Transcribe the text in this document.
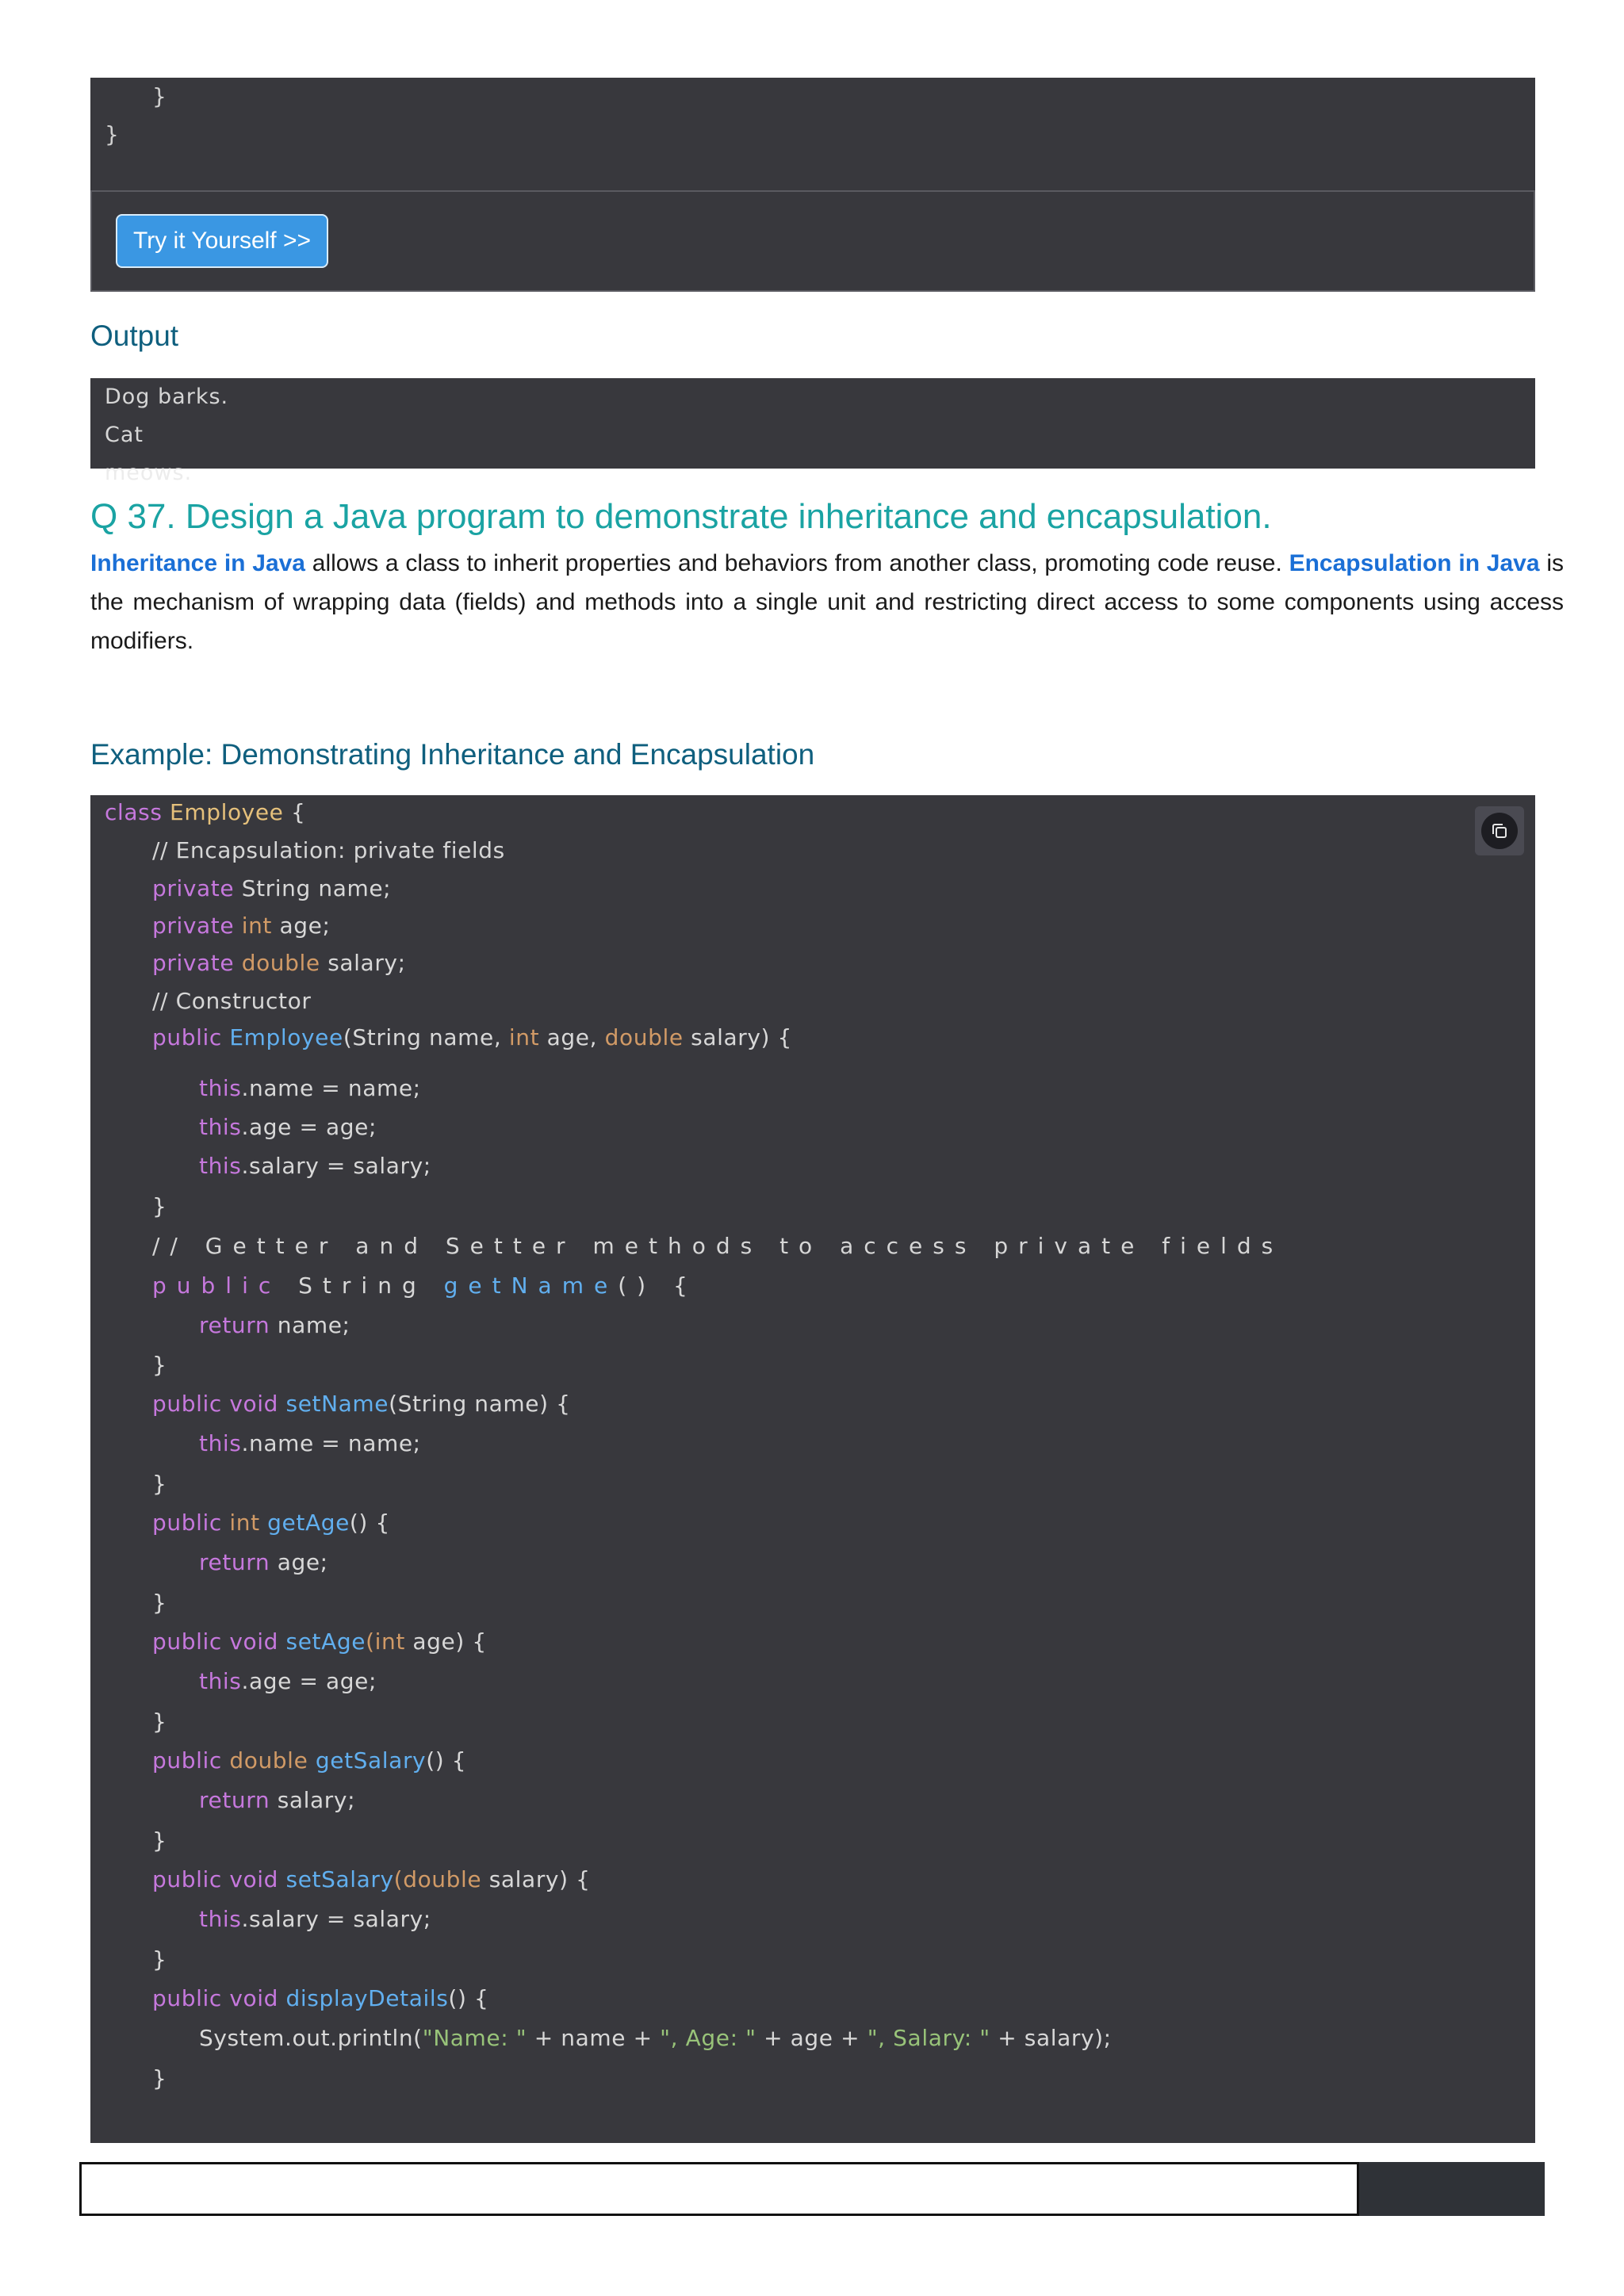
}
}
Try it Yourself >>
Output
Dog barks.
Cat
meows.
Q 37. Design a Java program to demonstrate inheritance and encapsulation.

Inheritance in Java allows a class to inherit properties and behaviors from another class, promoting code reuse. Encapsulation in Java is the mechanism of wrapping data (fields) and methods into a single unit and restricting direct access to some components using access modifiers.

Example: Demonstrating Inheritance and Encapsulation
class Employee {
// Encapsulation: private fields
private String name;
private int age;
private double salary;
// Constructor
public Employee(String name, int age, double salary) {
this.name = name;
this.age = age;
this.salary = salary;
}
// Getter and Setter methods to access private fields
public String getName() {
return name;
}
public void setName(String name) {
this.name = name;
}
public int getAge() {
return age;
}
public void setAge(int age) {
this.age = age;
}
public double getSalary() {
return salary;
}
public void setSalary(double salary) {
this.salary = salary;
}
public void displayDetails() {
System.out.println("Name: " + name + ", Age: " + age + ", Salary: " + salary);
}
